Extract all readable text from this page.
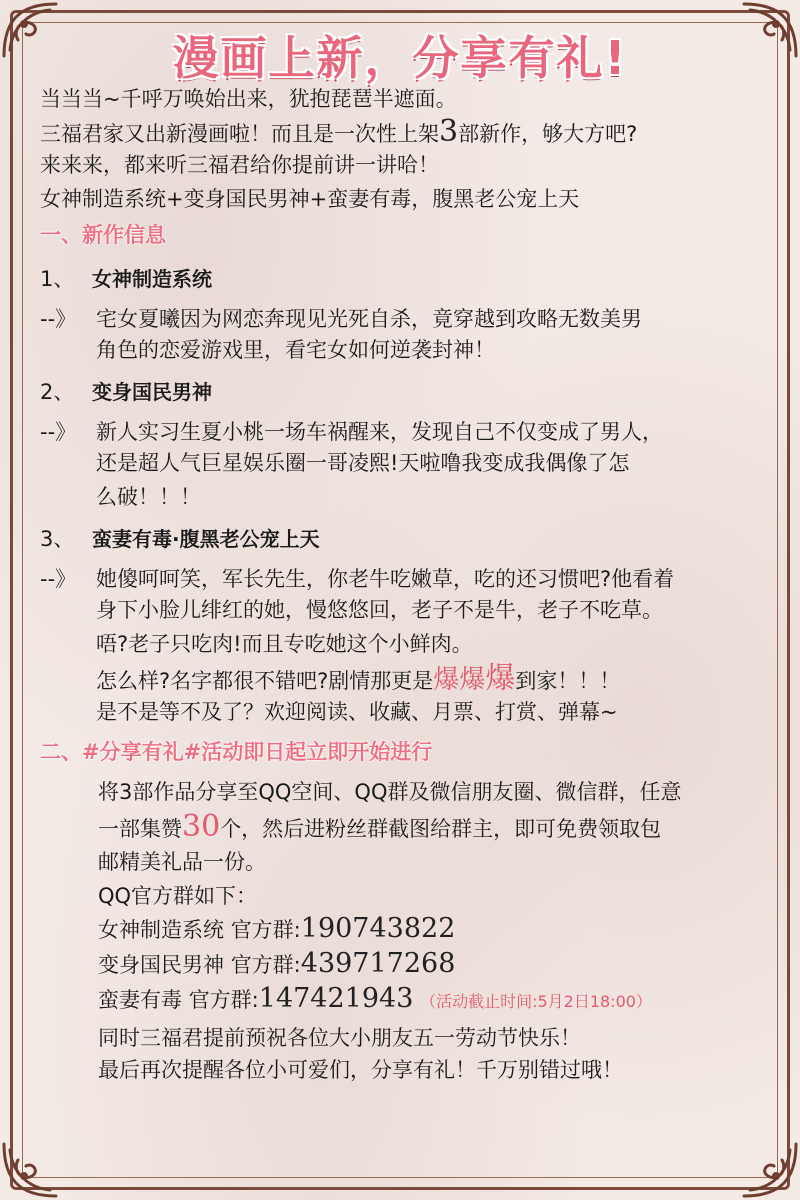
漫画上新，分享有礼!
当当当~千呼万唤始出来，犹抱琵琶半遮面。
三福君家又出新漫画啦！而且是一次性上架3部新作，够大方吧?
来来来，都来听三福君给你提前讲一讲哈！
女神制造系统+变身国民男神+蛮妻有毒，腹黑老公宠上天
一、新作信息
1、 女神制造系统
--》 宅女夏曦因为网恋奔现见光死自杀，竟穿越到攻略无数美男
角色的恋爱游戏里，看宅女如何逆袭封神！
2、 变身国民男神
--》 新人实习生夏小桃一场车祸醒来，发现自己不仅变成了男人，
还是超人气巨星娱乐圈一哥凌熙!天啦噜我变成我偶像了怎
么破！！！
3、 蛮妻有毒·腹黑老公宠上天
--》 她傻呵呵笑，军长先生，你老牛吃嫩草，吃的还习惯吧?他看着
身下小脸儿绯红的她，慢悠悠回，老子不是牛，老子不吃草。
唔?老子只吃肉!而且专吃她这个小鲜肉。
怎么样?名字都很不错吧?剧情那更是爆爆爆到家！！！
是不是等不及了？欢迎阅读、收藏、月票、打赏、弹幕~
二、#分享有礼#活动即日起立即开始进行
将3部作品分享至QQ空间、QQ群及微信朋友圈、微信群，任意
一部集赞30个，然后进粉丝群截图给群主，即可免费领取包
邮精美礼品一份。
QQ官方群如下：
女神制造系统 官方群:190743822
变身国民男神 官方群:439717268
蛮妻有毒 官方群:147421943 （活动截止时间:5月2日18:00）
同时三福君提前预祝各位大小朋友五一劳动节快乐！
最后再次提醒各位小可爱们，分享有礼！千万别错过哦！
